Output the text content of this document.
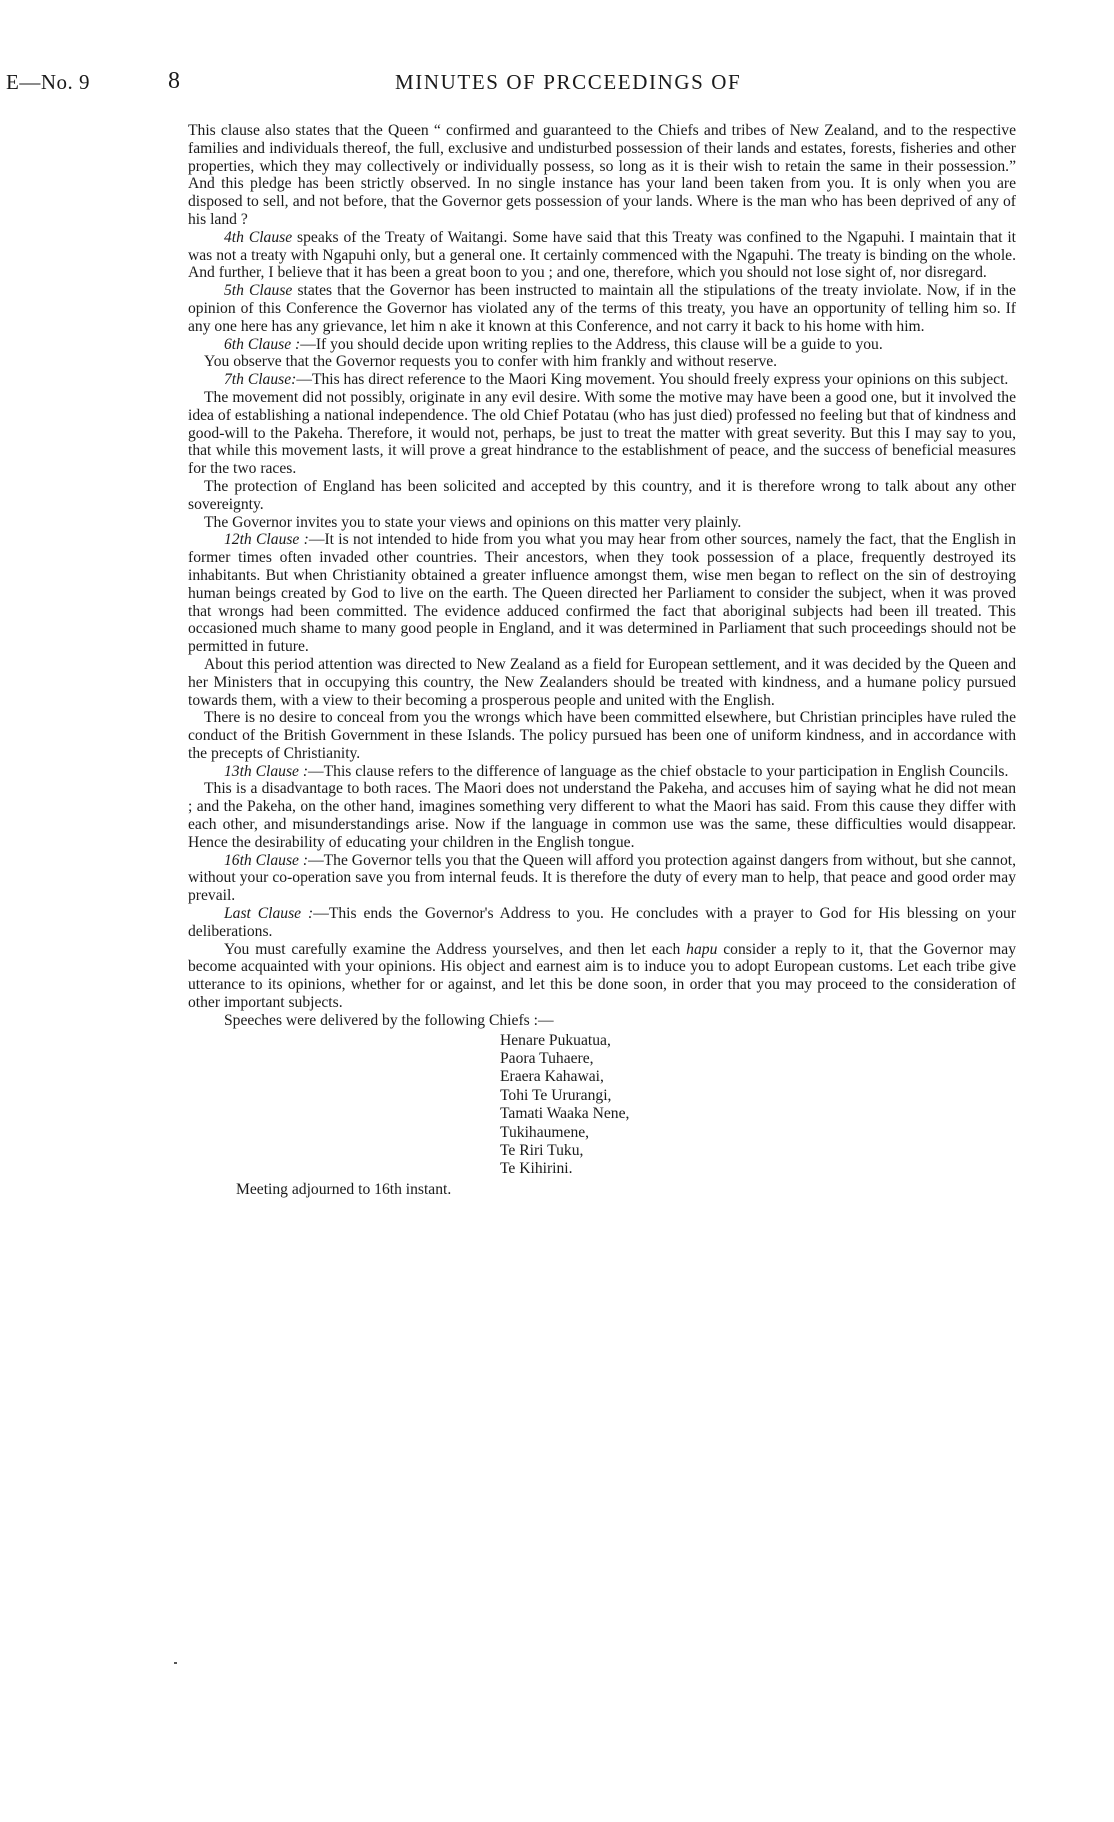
E—No. 9	8	MINUTES OF PRCCEEDINGS OF

This clause also states that the Queen “ confirmed and guaranteed to the Chiefs and tribes of New Zealand, and to the respective families and individuals thereof, the full, exclusive and undisturbed possession of their lands and estates, forests, fisheries and other properties, which they may collectively or individually possess, so long as it is their wish to retain the same in their possession.” And this pledge has been strictly observed. In no single instance has your land been taken from you. It is only when you are disposed to sell, and not before, that the Governor gets possession of your lands. Where is the man who has been deprived of any of his land ?

4th Clause speaks of the Treaty of Waitangi. Some have said that this Treaty was confined to the Ngapuhi. I maintain that it was not a treaty with Ngapuhi only, but a general one. It certainly commenced with the Ngapuhi. The treaty is binding on the whole. And further, I believe that it has been a great boon to you ; and one, therefore, which you should not lose sight of, nor disregard.

5th Clause states that the Governor has been instructed to maintain all the stipulations of the treaty inviolate. Now, if in the opinion of this Conference the Governor has violated any of the terms of this treaty, you have an opportunity of telling him so. If any one here has any grievance, let him n ake it known at this Conference, and not carry it back to his home with him.

6th Clause :—If you should decide upon writing replies to the Address, this clause will be a guide to you.

You observe that the Governor requests you to confer with him frankly and without reserve.

7th Clause:—This has direct reference to the Maori King movement. You should freely express your opinions on this subject.

The movement did not possibly, originate in any evil desire. With some the motive may have been a good one, but it involved the idea of establishing a national independence. The old Chief Potatau (who has just died) professed no feeling but that of kindness and good-will to the Pakeha. Therefore, it would not, perhaps, be just to treat the matter with great severity. But this I may say to you, that while this movement lasts, it will prove a great hindrance to the establishment of peace, and the success of beneficial measures for the two races.

The protection of England has been solicited and accepted by this country, and it is therefore wrong to talk about any other sovereignty.

The Governor invites you to state your views and opinions on this matter very plainly.

12th Clause :—It is not intended to hide from you what you may hear from other sources, namely the fact, that the English in former times often invaded other countries. Their ancestors, when they took possession of a place, frequently destroyed its inhabitants. But when Christianity obtained a greater influence amongst them, wise men began to reflect on the sin of destroying human beings created by God to live on the earth. The Queen directed her Parliament to consider the subject, when it was proved that wrongs had been committed. The evidence adduced confirmed the fact that aboriginal subjects had been ill treated. This occasioned much shame to many good people in England, and it was determined in Parliament that such proceedings should not be permitted in future.

About this period attention was directed to New Zealand as a field for European settlement, and it was decided by the Queen and her Ministers that in occupying this country, the New Zealanders should be treated with kindness, and a humane policy pursued towards them, with a view to their becoming a prosperous people and united with the English.

There is no desire to conceal from you the wrongs which have been committed elsewhere, but Christian principles have ruled the conduct of the British Government in these Islands. The policy pursued has been one of uniform kindness, and in accordance with the precepts of Christianity.

13th Clause :—This clause refers to the difference of language as the chief obstacle to your participation in English Councils.

This is a disadvantage to both races. The Maori does not understand the Pakeha, and accuses him of saying what he did not mean ; and the Pakeha, on the other hand, imagines something very different to what the Maori has said. From this cause they differ with each other, and misunderstandings arise. Now if the language in common use was the same, these difficulties would disappear. Hence the desirability of educating your children in the English tongue.

16th Clause :—The Governor tells you that the Queen will afford you protection against dangers from without, but she cannot, without your co-operation save you from internal feuds. It is therefore the duty of every man to help, that peace and good order may prevail.

Last Clause :—This ends the Governor's Address to you. He concludes with a prayer to God for His blessing on your deliberations.

You must carefully examine the Address yourselves, and then let each hapu consider a reply to it, that the Governor may become acquainted with your opinions. His object and earnest aim is to induce you to adopt European customs. Let each tribe give utterance to its opinions, whether for or against, and let this be done soon, in order that you may proceed to the consideration of other important subjects.

Speeches were delivered by the following Chiefs :—

Henare Pukuatua,
Paora Tuhaere,
Eraera Kahawai,
Tohi Te Ururangi,
Tamati Waaka Nene,
Tukihaumene,
Te Riri Tuku,
Te Kihirini.

Meeting adjourned to 16th instant.
